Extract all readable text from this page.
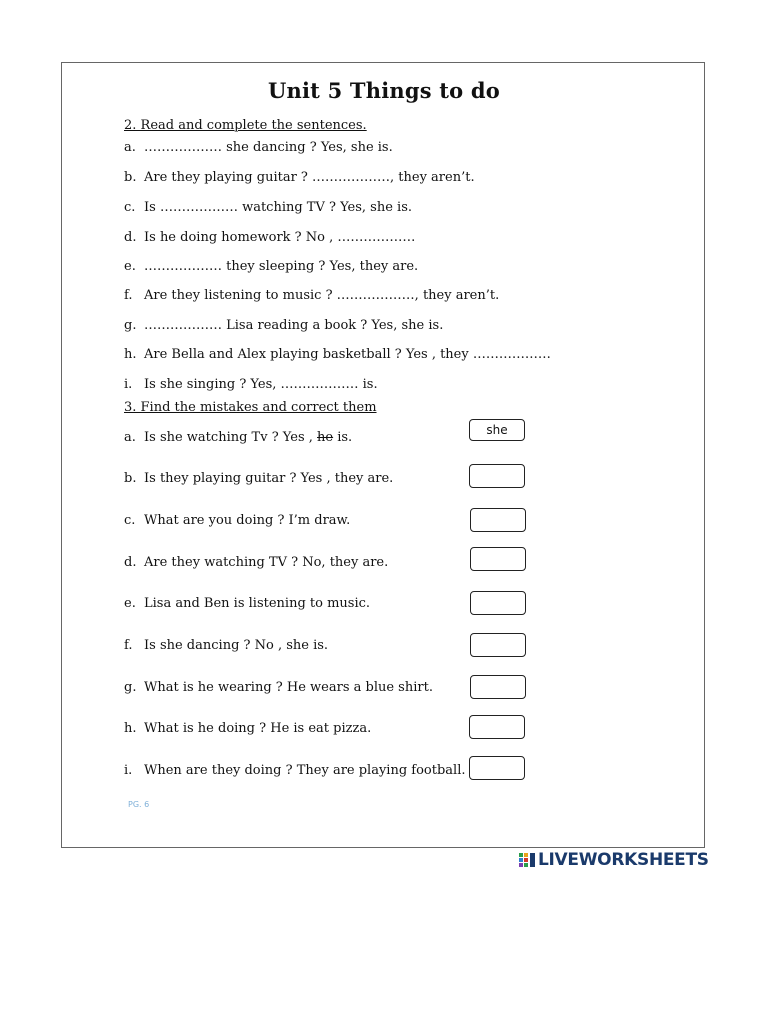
Unit 5 Things to do
2. Read and complete the sentences.
a. ……………… she dancing ? Yes, she is.
b. Are they playing guitar ? ………………, they aren’t.
c. Is ……………… watching TV ? Yes, she is.
d. Is he doing homework ? No , ………………
e. ……………… they sleeping ? Yes, they are.
f. Are they listening to music ? ………………, they aren’t.
g. ……………… Lisa reading a book ? Yes, she is.
h. Are Bella and Alex playing basketball ? Yes , they ………………
i. Is she singing ? Yes, ……………… is.
3. Find the mistakes and correct them
a. Is she watching Tv ? Yes , he is.	she
b. Is they playing guitar ? Yes , they are.
c. What are you doing ? I’m draw.
d. Are they watching TV ? No, they are.
e. Lisa and Ben is listening to music.
f. Is she dancing ? No , she is.
g. What is he wearing ? He wears a blue shirt.
h. What is he doing ? He is eat pizza.
i. When are they doing ? They are playing football.
PG. 6
LIVEWORKSHEETS
